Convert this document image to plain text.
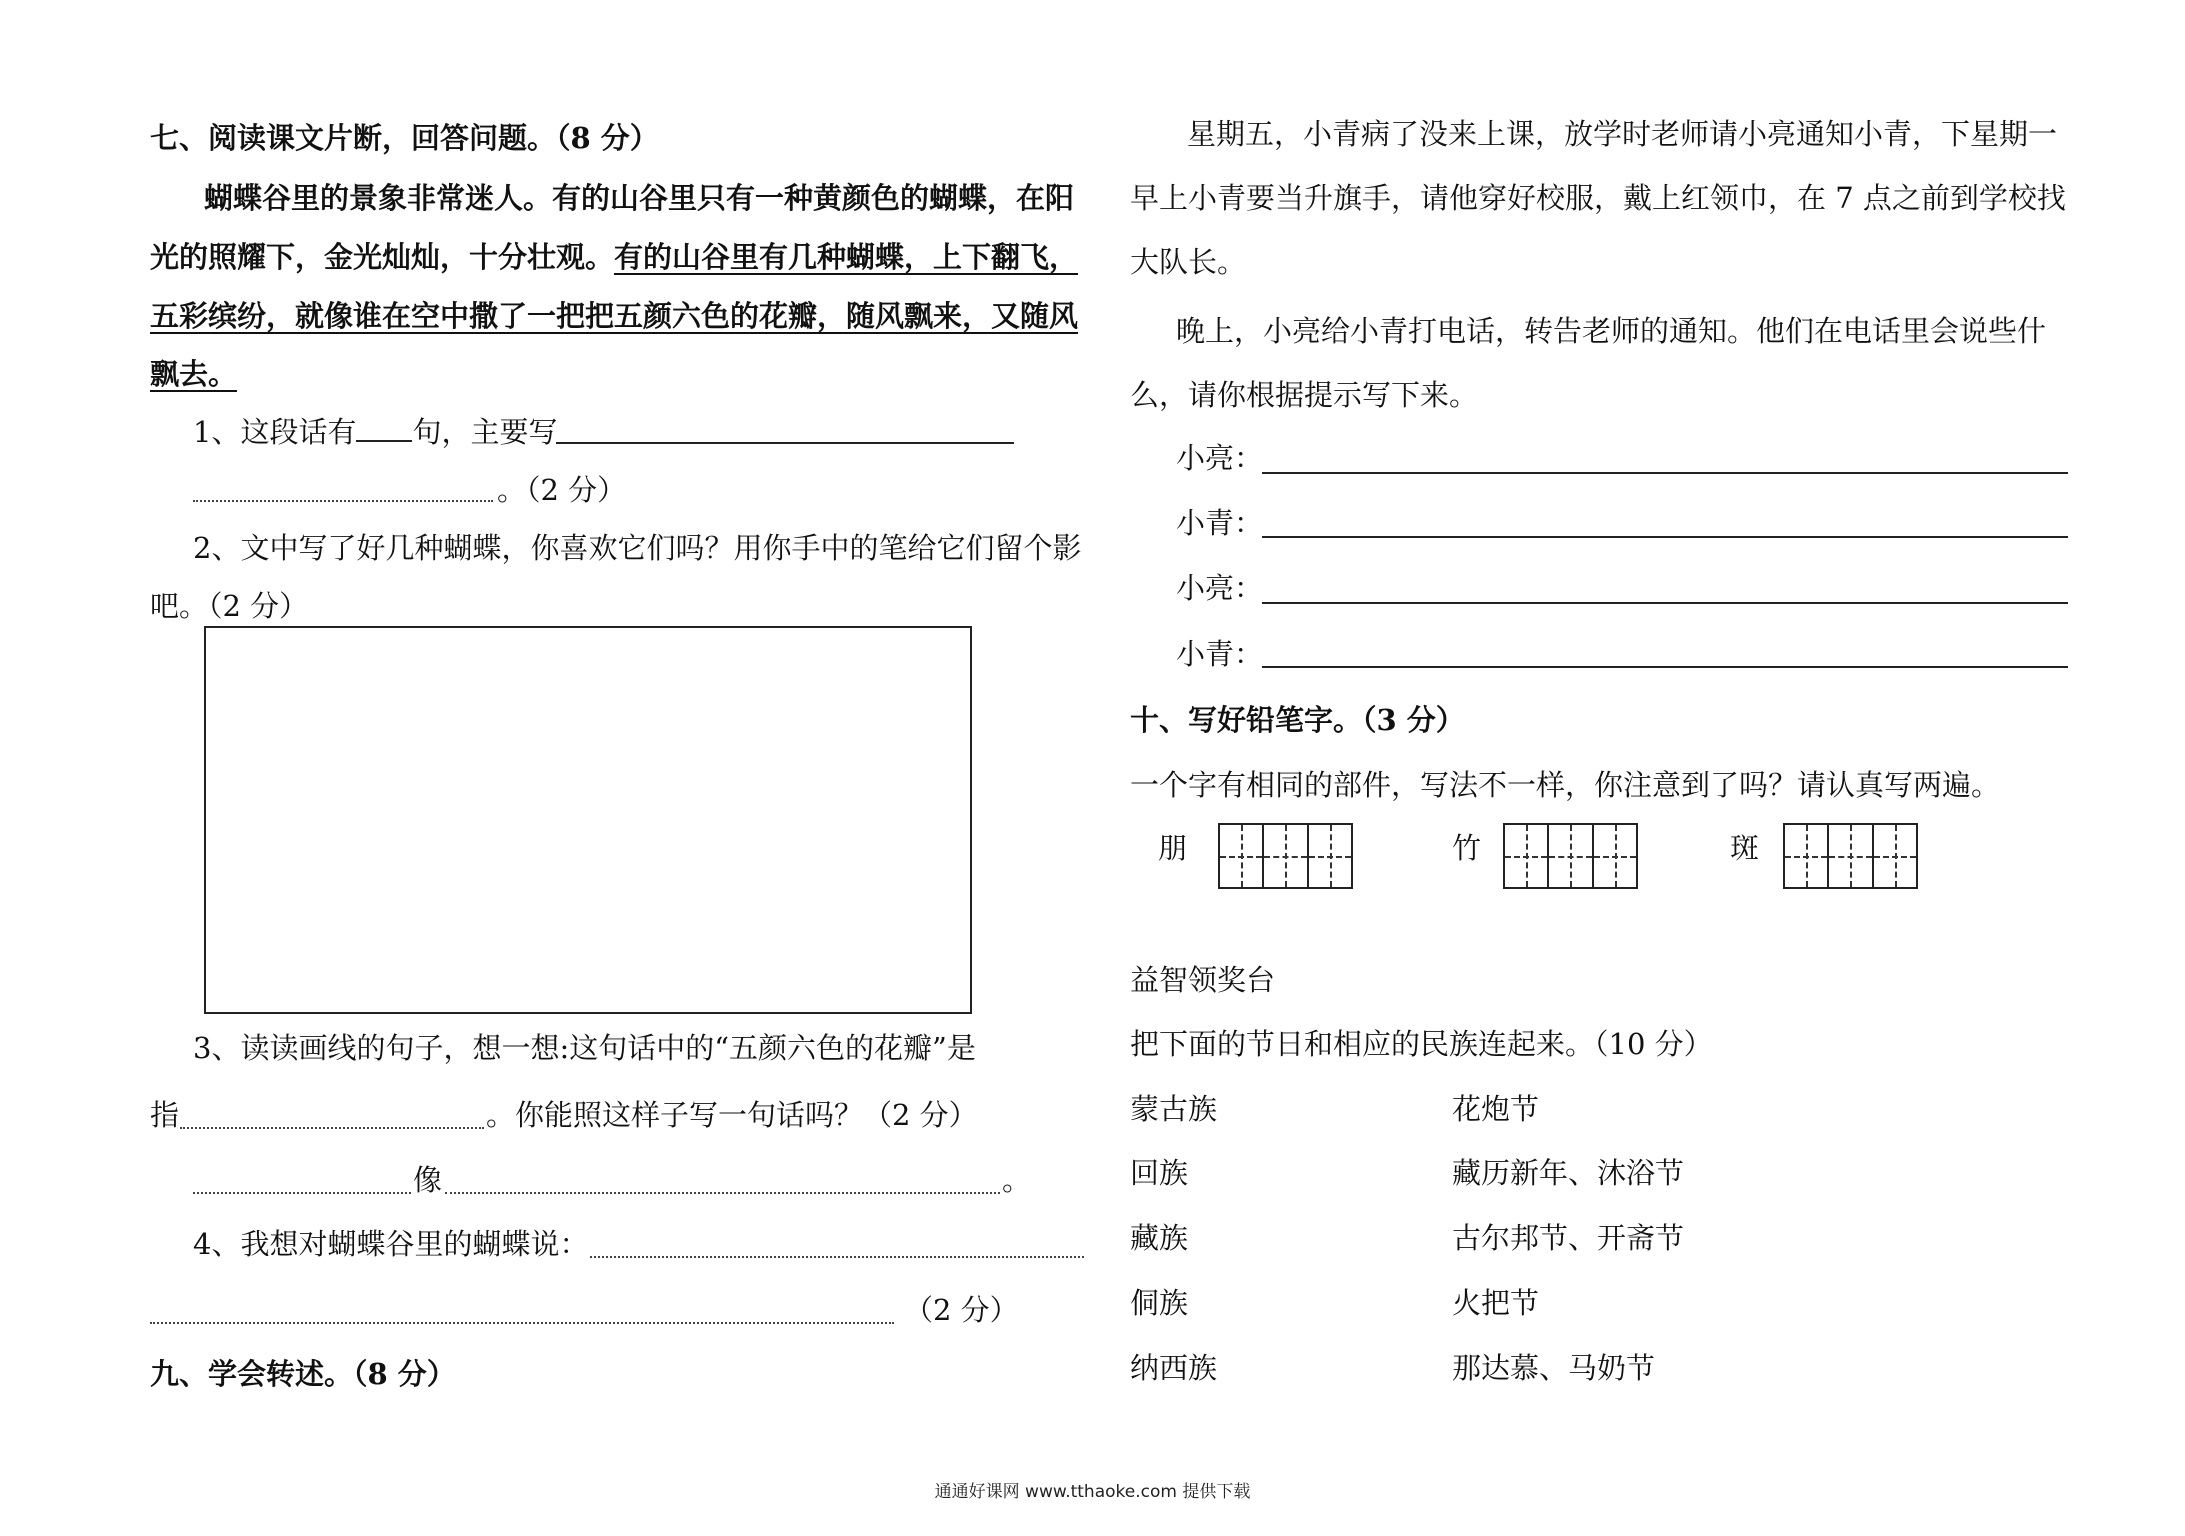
七、阅读课文片断，回答问题。（8 分）
蝴蝶谷里的景象非常迷人。有的山谷里只有一种黄颜色的蝴蝶，在阳
光的照耀下，金光灿灿，十分壮观。有的山谷里有几种蝴蝶，上下翻飞，
五彩缤纷，就像谁在空中撒了一把把五颜六色的花瓣，随风飘来，又随风
飘去。
1、这段话有 句，主要写
。（2 分）
2、文中写了好几种蝴蝶，你喜欢它们吗？用你手中的笔给它们留个影
吧。（2 分）
3、读读画线的句子，想一想:这句话中的“五颜六色的花瓣”是
指	。你能照这样子写一句话吗？（2 分）
像	。
4、我想对蝴蝶谷里的蝴蝶说：
（2 分）
九、学会转述。（8 分）
星期五，小青病了没来上课，放学时老师请小亮通知小青，下星期一
早上小青要当升旗手，请他穿好校服，戴上红领巾，在 7 点之前到学校找
大队长。
晚上，小亮给小青打电话，转告老师的通知。他们在电话里会说些什
么，请你根据提示写下来。
小亮：
小青：
小亮：
小青：
十、写好铅笔字。（3 分）
一个字有相同的部件，写法不一样，你注意到了吗？请认真写两遍。
朋	竹	斑
益智领奖台
把下面的节日和相应的民族连起来。（10 分）
蒙古族	花炮节
回族	藏历新年、沐浴节
藏族	古尔邦节、开斋节
侗族	火把节
纳西族	那达慕、马奶节
通通好课网 www.tthaoke.com 提供下载
